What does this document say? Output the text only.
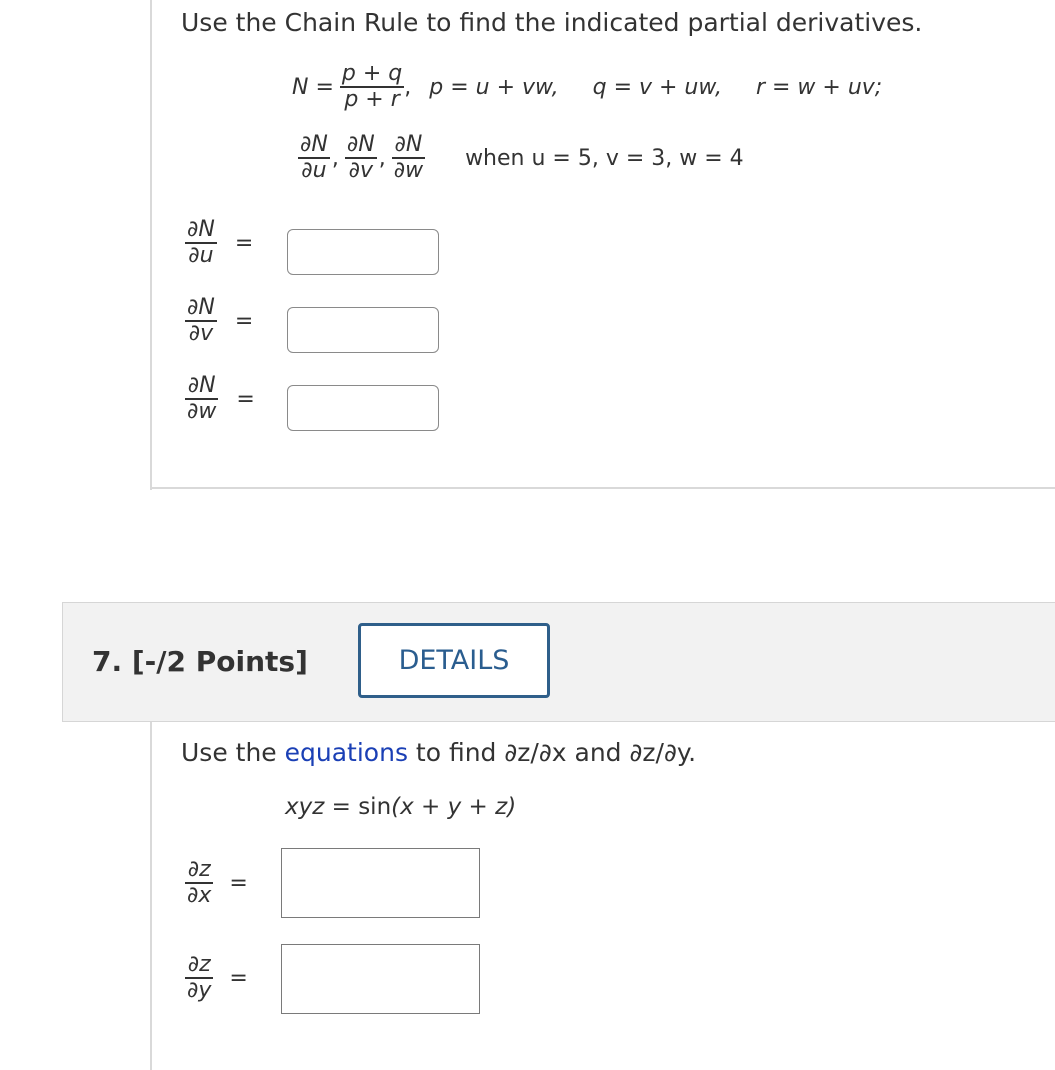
Use the Chain Rule to find the indicated partial derivatives.
$N = \frac{p + q}{p + r}$ , p = u + vw, q = v + uw, r = w + uv;
$\frac{\partial N}{\partial u}$ , $\frac{\partial N}{\partial v}$ , $\frac{\partial N}{\partial w}$ when u = 5, v = 3, w = 4
$\frac{\partial N}{\partial u}$ =
$\frac{\partial N}{\partial v}$ =
$\frac{\partial N}{\partial w}$ =
7. [-/2 Points]	DETAILS
Use the equations to find ∂z/∂x and ∂z/∂y.
xyz = sin(x + y + z)
$\frac{\partial z}{\partial x}$ =
$\frac{\partial z}{\partial y}$ =
